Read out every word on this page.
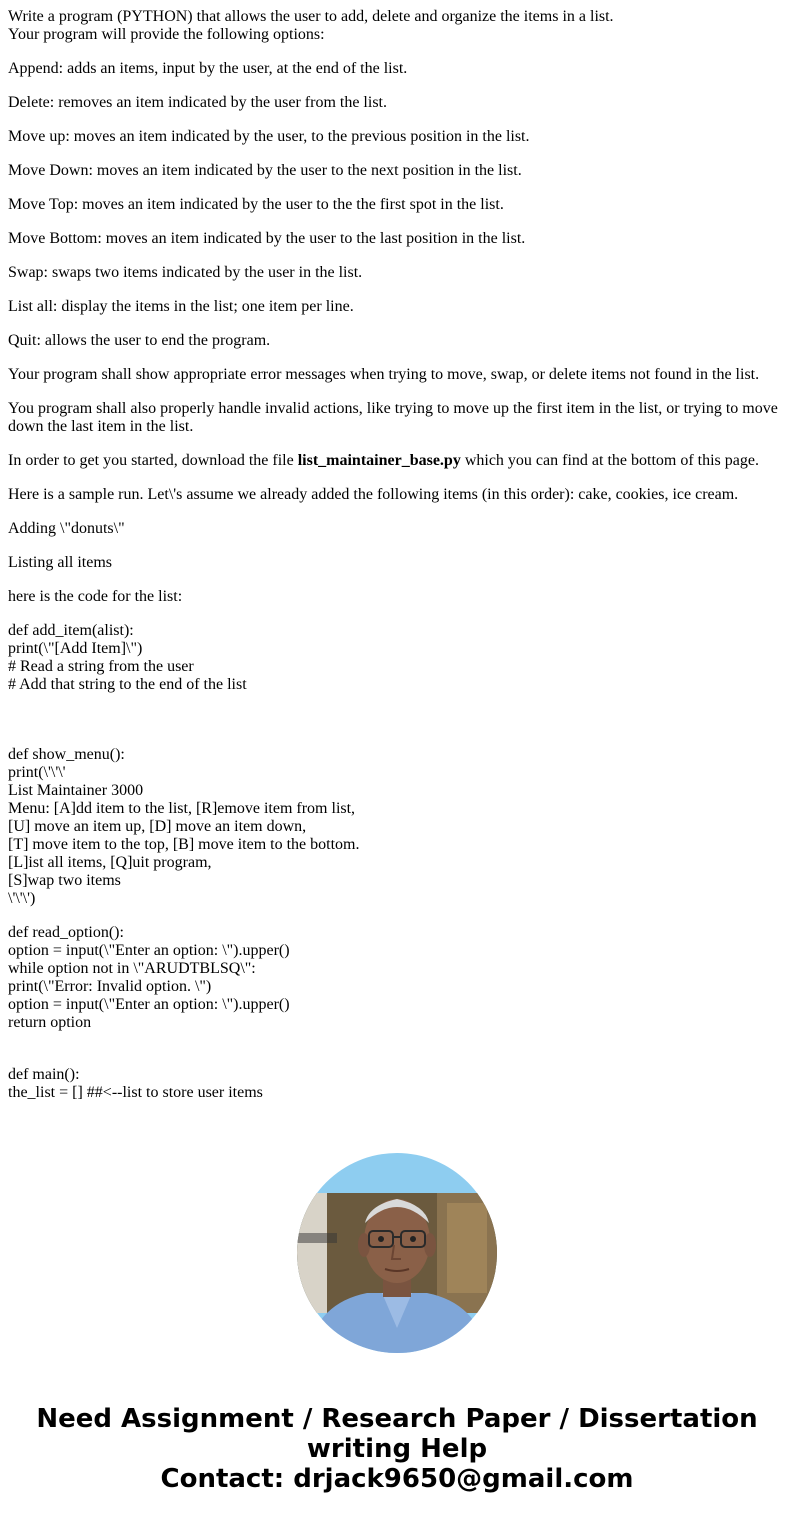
Write a program (PYTHON) that allows the user to add, delete and organize the items in a list.
Your program will provide the following options:
Append: adds an items, input by the user, at the end of the list.
Delete: removes an item indicated by the user from the list.
Move up: moves an item indicated by the user, to the previous position in the list.
Move Down: moves an item indicated by the user to the next position in the list.
Move Top: moves an item indicated by the user to the the first spot in the list.
Move Bottom: moves an item indicated by the user to the last position in the list.
Swap: swaps two items indicated by the user in the list.
List all: display the items in the list; one item per line.
Quit: allows the user to end the program.
Your program shall show appropriate error messages when trying to move, swap, or delete items not found in the list.
You program shall also properly handle invalid actions, like trying to move up the first item in the list, or trying to move down the last item in the list.
In order to get you started, download the file list_maintainer_base.py which you can find at the bottom of this page.
Here is a sample run. Let\'s assume we already added the following items (in this order): cake, cookies, ice cream.
Adding \"donuts\"
Listing all items
here is the code for the list:
def add_item(alist):
print(\"[Add Item]\")
# Read a string from the user
# Add that string to the end of the list
def show_menu():
print(\'\'\'
List Maintainer 3000
Menu: [A]dd item to the list, [R]emove item from list,
[U] move an item up, [D] move an item down,
[T] move item to the top, [B] move item to the bottom.
[L]ist all items, [Q]uit program,
[S]wap two items
\'\'\')
def read_option():
option = input(\"Enter an option: \").upper()
while option not in \"ARUDTBLSQ\":
print(\"Error: Invalid option. \")
option = input(\"Enter an option: \").upper()
return option
def main():
the_list = [] ##<--list to store user items
Need Assignment / Research Paper / Dissertation
writing Help
Contact: drjack9650@gmail.com
